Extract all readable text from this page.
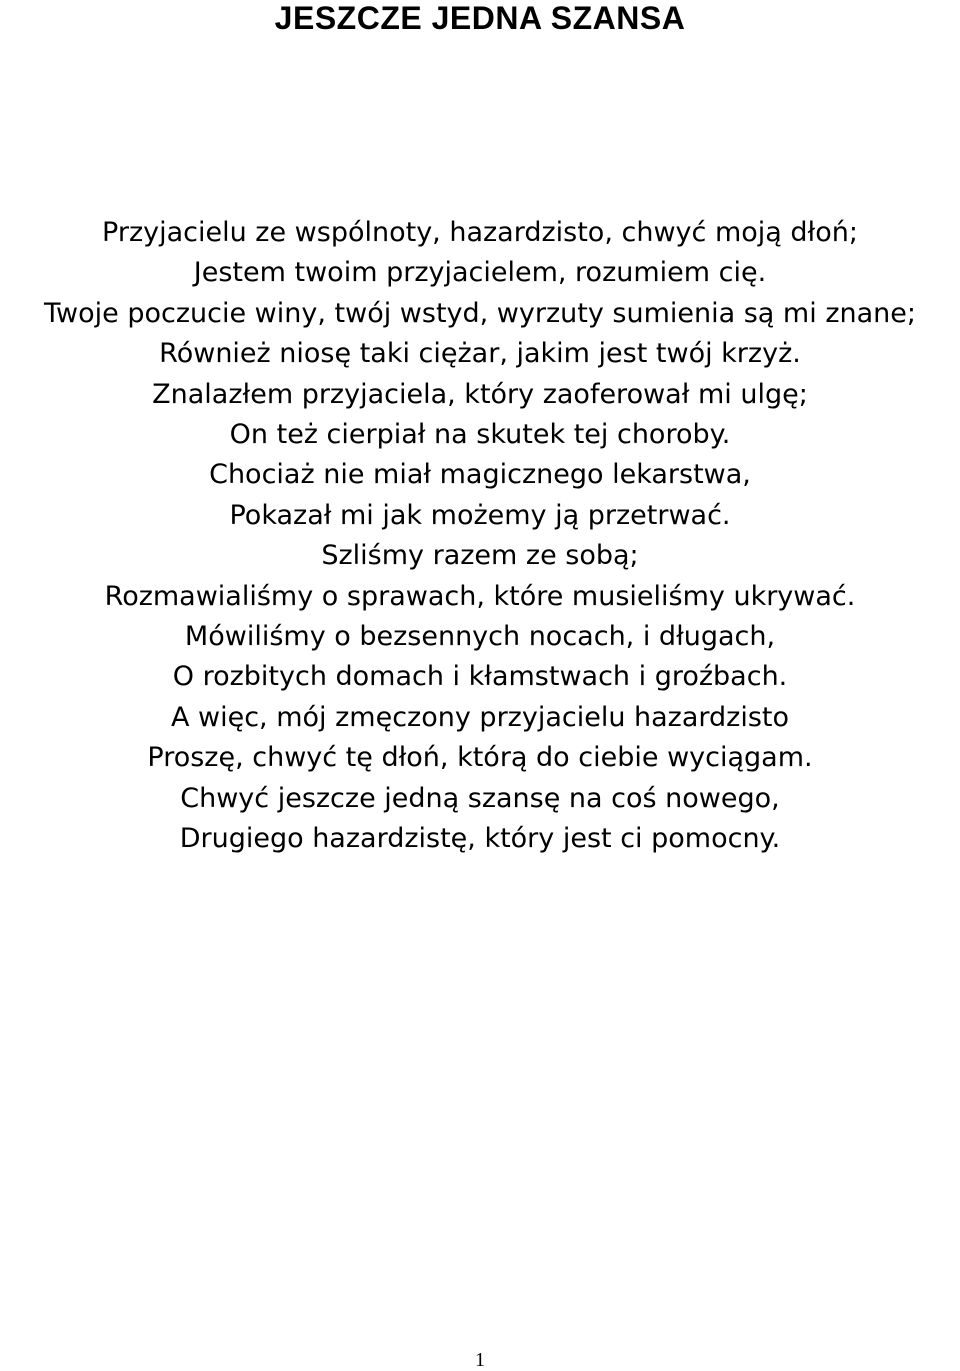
JESZCZE JEDNA SZANSA
Przyjacielu ze wspólnoty, hazardzisto, chwyć moją dłoń;
Jestem twoim przyjacielem, rozumiem cię.
Twoje poczucie winy, twój wstyd, wyrzuty sumienia są mi znane;
Również niosę taki ciężar, jakim jest twój krzyż.
Znalazłem przyjaciela, który zaoferował mi ulgę;
On też cierpiał na skutek tej choroby.
Chociaż nie miał magicznego lekarstwa,
Pokazał mi jak możemy ją przetrwać.
Szliśmy razem ze sobą;
Rozmawialiśmy o sprawach, które musieliśmy ukrywać.
Mówiliśmy o bezsennych nocach, i długach,
O rozbitych domach i kłamstwach i groźbach.
A więc, mój zmęczony przyjacielu hazardzisto
Proszę, chwyć tę dłoń, którą do ciebie wyciągam.
Chwyć jeszcze jedną szansę na coś nowego,
Drugiego hazardzistę, który jest ci pomocny.
1
